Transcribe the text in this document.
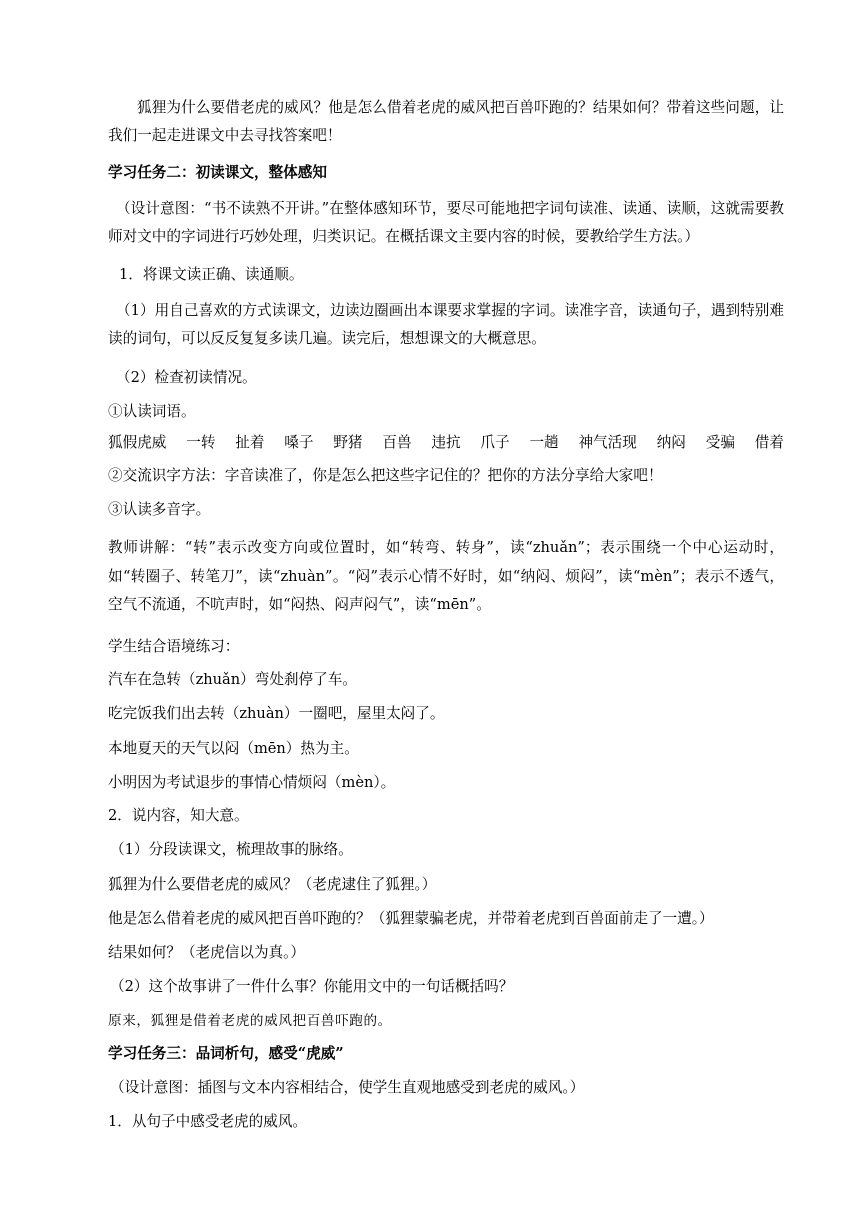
狐狸为什么要借老虎的威风？他是怎么借着老虎的威风把百兽吓跑的？结果如何？带着这些问题，让我们一起走进课文中去寻找答案吧！
学习任务二：初读课文，整体感知
（设计意图：“书不读熟不开讲。”在整体感知环节，要尽可能地把字词句读准、读通、读顺，这就需要教师对文中的字词进行巧妙处理，归类识记。在概括课文主要内容的时候，要教给学生方法。）
1．将课文读正确、读通顺。
（1）用自己喜欢的方式读课文，边读边圈画出本课要求掌握的字词。读准字音，读通句子，遇到特别难读的词句，可以反反复复多读几遍。读完后，想想课文的大概意思。
（2）检查初读情况。
①认读词语。
狐假虎威 一转 扯着 嗓子 野猪 百兽 违抗 爪子 一趟 神气活现 纳闷 受骗 借着
②交流识字方法：字音读准了，你是怎么把这些字记住的？把你的方法分享给大家吧！
③认读多音字。
教师讲解：“转”表示改变方向或位置时，如“转弯、转身”，读“zhuǎn”；表示围绕一个中心运动时，如“转圈子、转笔刀”，读“zhuàn”。“闷”表示心情不好时，如“纳闷、烦闷”，读“mèn”；表示不透气，空气不流通，不吭声时，如“闷热、闷声闷气”，读“mēn”。
学生结合语境练习：
汽车在急转（zhuǎn）弯处刹停了车。
吃完饭我们出去转（zhuàn）一圈吧，屋里太闷了。
本地夏天的天气以闷（mēn）热为主。
小明因为考试退步的事情心情烦闷（mèn）。
2．说内容，知大意。
（1）分段读课文，梳理故事的脉络。
狐狸为什么要借老虎的威风？（老虎逮住了狐狸。）
他是怎么借着老虎的威风把百兽吓跑的？（狐狸蒙骗老虎，并带着老虎到百兽面前走了一遭。）
结果如何？（老虎信以为真。）
（2）这个故事讲了一件什么事？你能用文中的一句话概括吗？
原来，狐狸是借着老虎的威风把百兽吓跑的。
学习任务三：品词析句，感受“虎威”
（设计意图：插图与文本内容相结合，使学生直观地感受到老虎的威风。）
1．从句子中感受老虎的威风。
